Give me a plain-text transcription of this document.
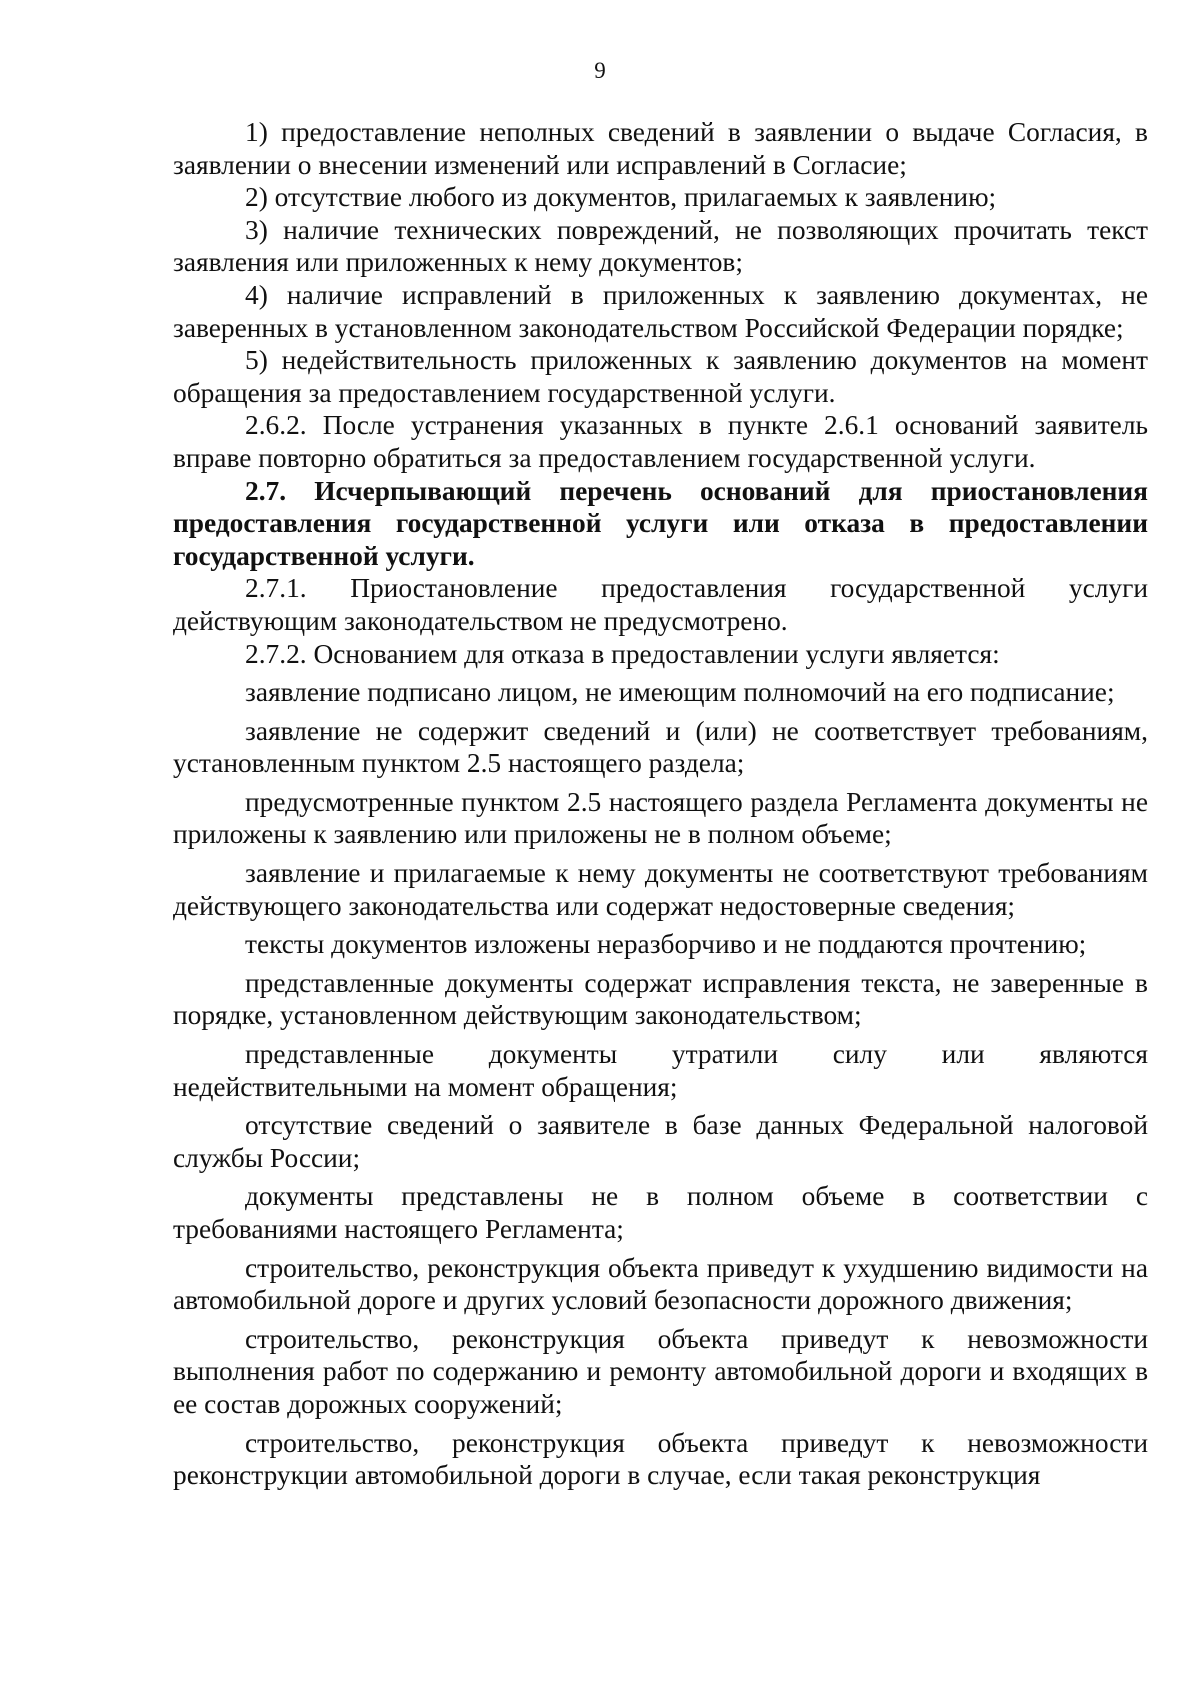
9

1) предоставление неполных сведений в заявлении о выдаче Согласия, в заявлении о внесении изменений или исправлений в Согласие;

2) отсутствие любого из документов, прилагаемых к заявлению;

3) наличие технических повреждений, не позволяющих прочитать текст заявления или приложенных к нему документов;

4) наличие исправлений в приложенных к заявлению документах, не заверенных в установленном законодательством Российской Федерации порядке;

5) недействительность приложенных к заявлению документов на момент обращения за предоставлением государственной услуги.

2.6.2. После устранения указанных в пункте 2.6.1 оснований заявитель вправе повторно обратиться за предоставлением государственной услуги.

2.7. Исчерпывающий перечень оснований для приостановления предоставления государственной услуги или отказа в предоставлении государственной услуги.

2.7.1. Приостановление предоставления государственной услуги действующим законодательством не предусмотрено.

2.7.2. Основанием для отказа в предоставлении услуги является:

заявление подписано лицом, не имеющим полномочий на его подписание;

заявление не содержит сведений и (или) не соответствует требованиям, установленным пунктом 2.5 настоящего раздела;

предусмотренные пунктом 2.5 настоящего раздела Регламента документы не приложены к заявлению или приложены не в полном объеме;

заявление и прилагаемые к нему документы не соответствуют требованиям действующего законодательства или содержат недостоверные сведения;

тексты документов изложены неразборчиво и не поддаются прочтению;

представленные документы содержат исправления текста, не заверенные в порядке, установленном действующим законодательством;

представленные документы утратили силу или являются недействительными на момент обращения;

отсутствие сведений о заявителе в базе данных Федеральной налоговой службы России;

документы представлены не в полном объеме в соответствии с требованиями настоящего Регламента;

строительство, реконструкция объекта приведут к ухудшению видимости на автомобильной дороге и других условий безопасности дорожного движения;

строительство, реконструкция объекта приведут к невозможности выполнения работ по содержанию и ремонту автомобильной дороги и входящих в ее состав дорожных сооружений;

строительство, реконструкция объекта приведут к невозможности реконструкции автомобильной дороги в случае, если такая реконструкция
